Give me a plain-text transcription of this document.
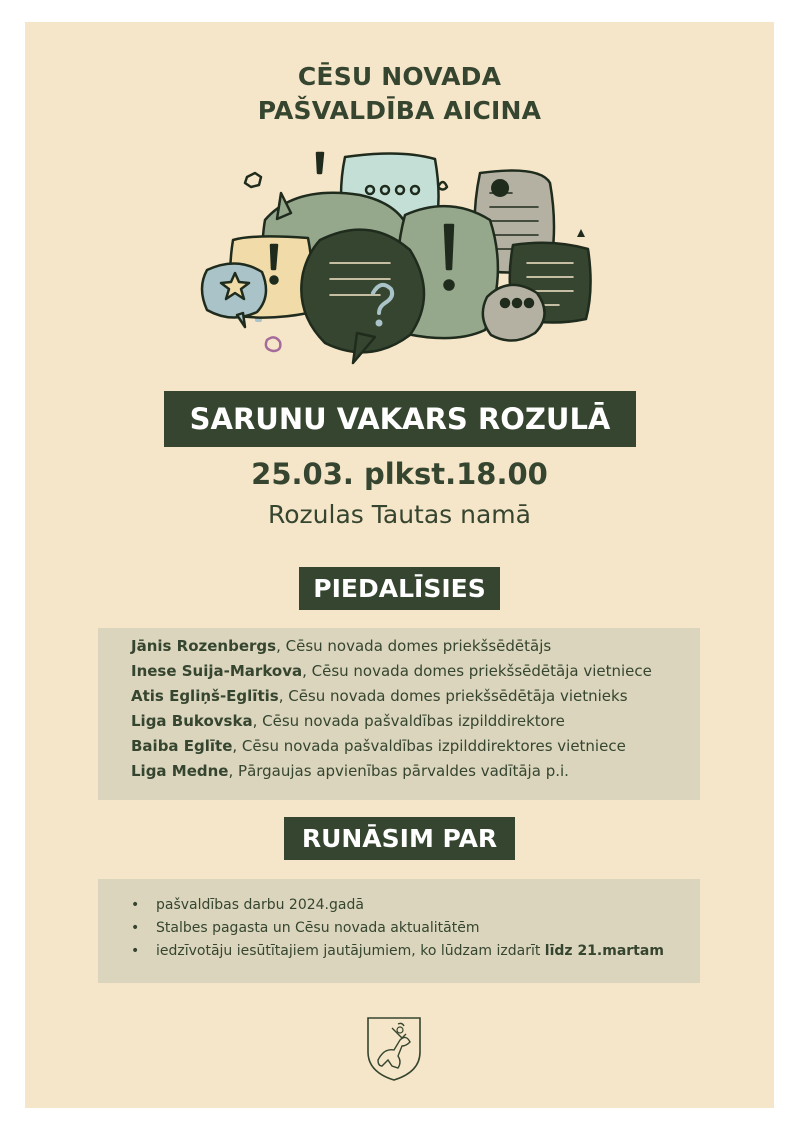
CĒSU NOVADA
PAŠVALDĪBA AICINA
SARUNU VAKARS ROZULĀ
25.03. plkst.18.00
Rozulas Tautas namā
PIEDALĪSIES
Jānis Rozenbergs, Cēsu novada domes priekšsēdētājs
Inese Suija-Markova, Cēsu novada domes priekšsēdētāja vietniece
Atis Egliņš-Eglītis, Cēsu novada domes priekšsēdētāja vietnieks
Liga Bukovska, Cēsu novada pašvaldības izpilddirektore
Baiba Eglīte, Cēsu novada pašvaldības izpilddirektores vietniece
Liga Medne, Pārgaujas apvienības pārvaldes vadītāja p.i.
RUNĀSIM PAR
• pašvaldības darbu 2024.gadā
• Stalbes pagasta un Cēsu novada aktualitātēm
• iedzīvotāju iesūtītajiem jautājumiem, ko lūdzam izdarīt līdz 21.martam
